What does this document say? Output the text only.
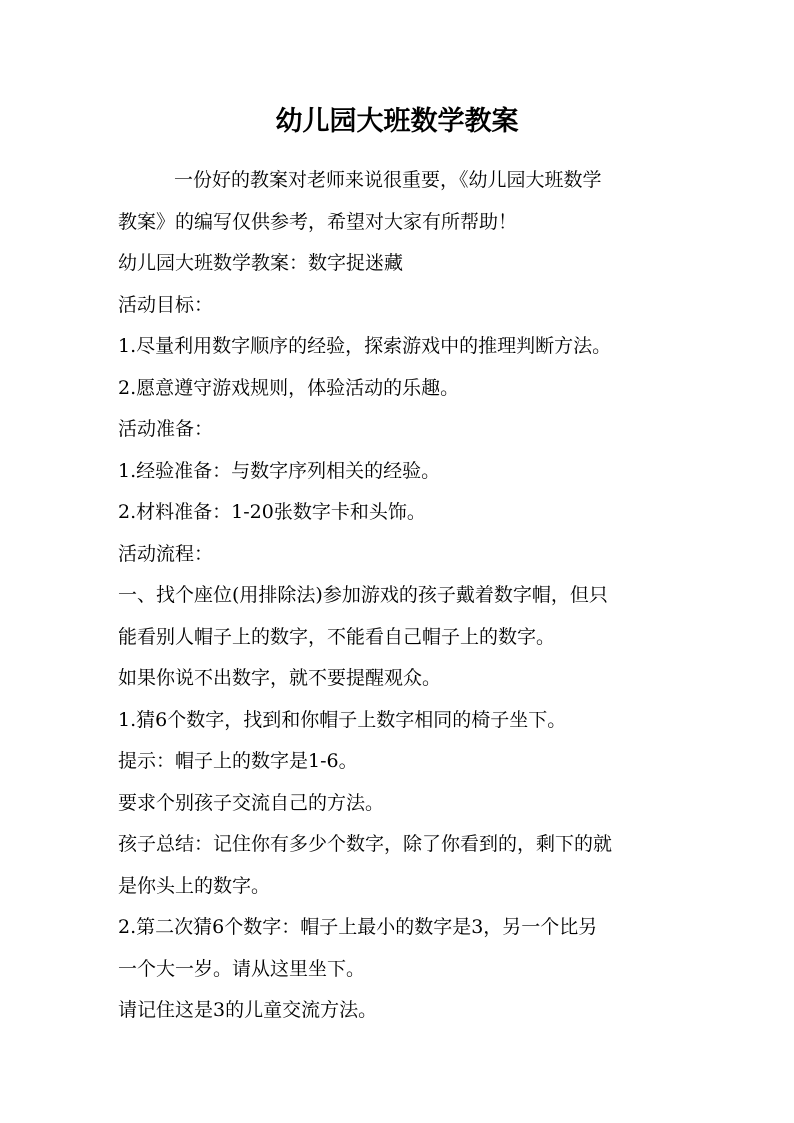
幼儿园大班数学教案

一份好的教案对老师来说很重要，《幼儿园大班数学

教案》的编写仅供参考，希望对大家有所帮助！

幼儿园大班数学教案：数字捉迷藏

活动目标：

1.尽量利用数字顺序的经验，探索游戏中的推理判断方法。

2.愿意遵守游戏规则，体验活动的乐趣。

活动准备：

1.经验准备：与数字序列相关的经验。

2.材料准备：1-20张数字卡和头饰。

活动流程：

一、找个座位(用排除法)参加游戏的孩子戴着数字帽，但只

能看别人帽子上的数字，不能看自己帽子上的数字。

如果你说不出数字，就不要提醒观众。

1.猜6个数字，找到和你帽子上数字相同的椅子坐下。

提示：帽子上的数字是1-6。

要求个别孩子交流自己的方法。

孩子总结：记住你有多少个数字，除了你看到的，剩下的就

是你头上的数字。

2.第二次猜6个数字：帽子上最小的数字是3，另一个比另

一个大一岁。请从这里坐下。

请记住这是3的儿童交流方法。
